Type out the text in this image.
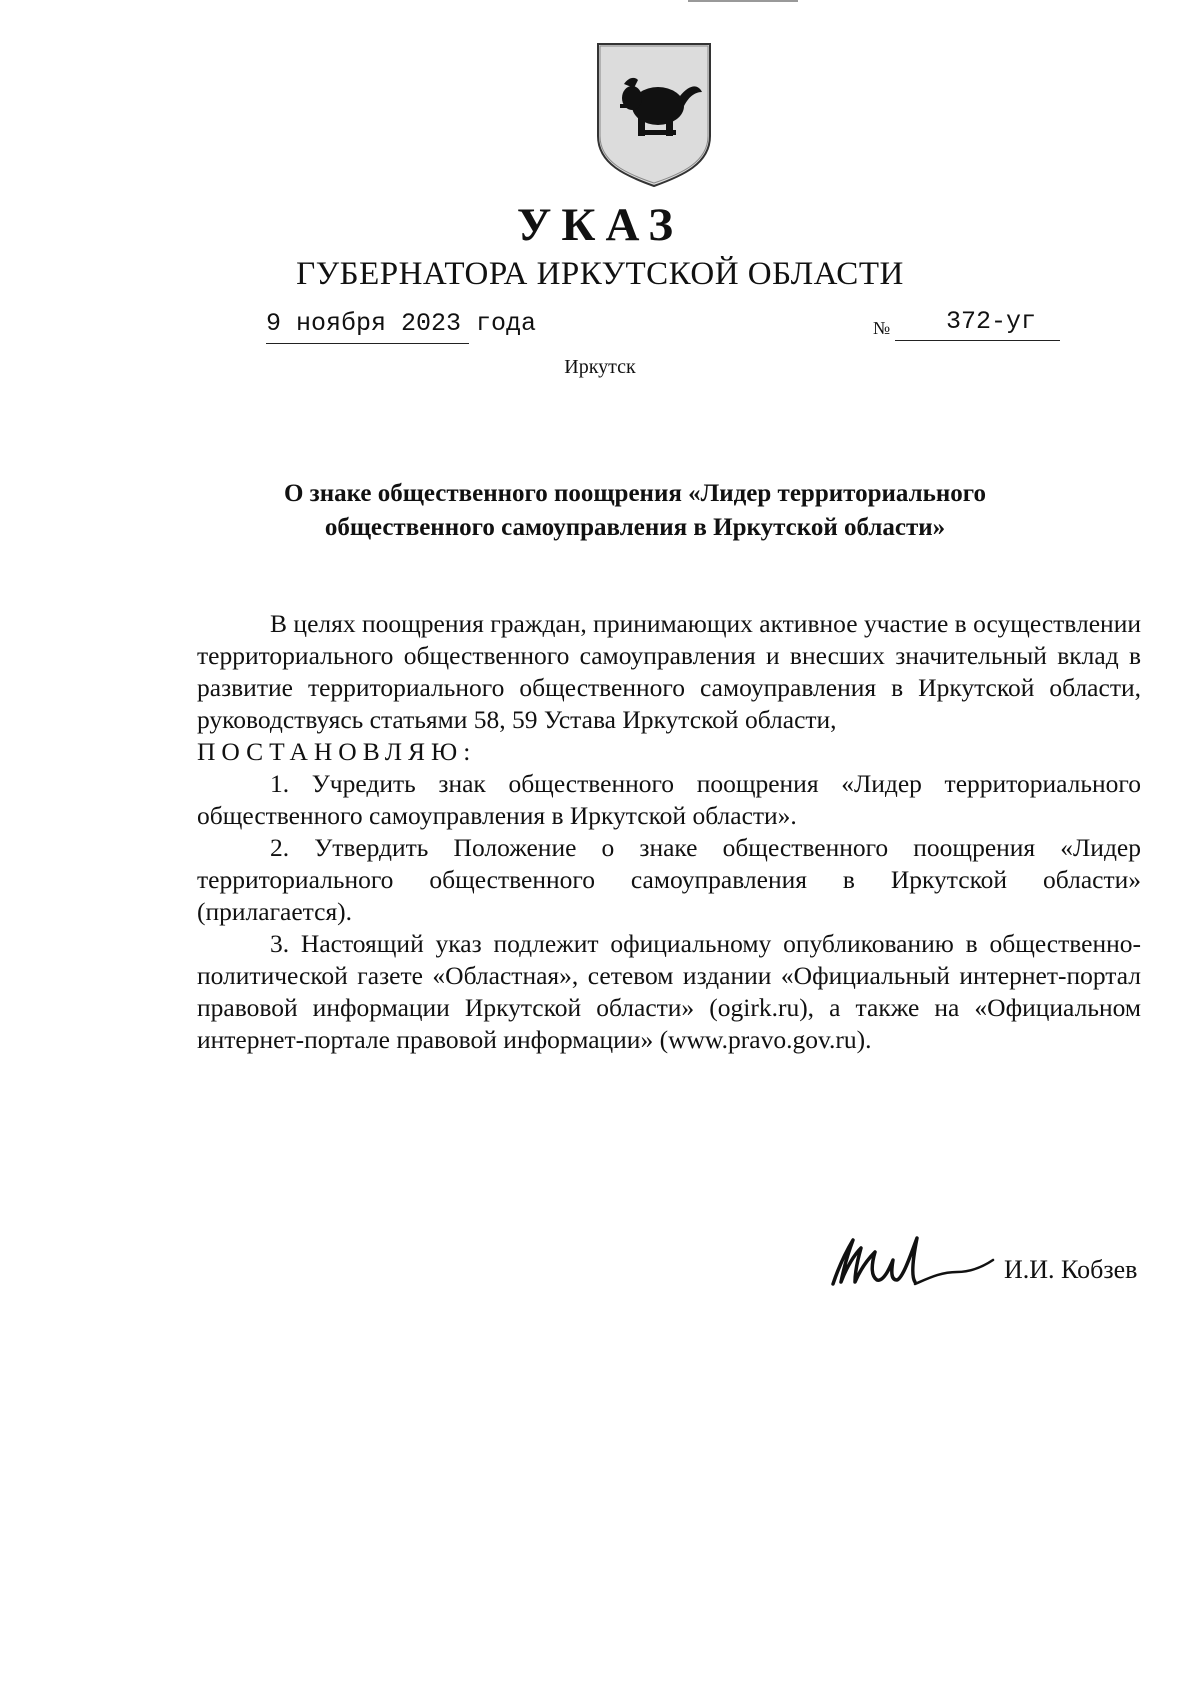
УКАЗ
ГУБЕРНАТОРА ИРКУТСКОЙ ОБЛАСТИ
9 ноября 2023 года	№ 372-уг
Иркутск
О знаке общественного поощрения «Лидер территориального
общественного самоуправления в Иркутской области»

В целях поощрения граждан, принимающих активное участие в осуществлении территориального общественного самоуправления и внесших значительный вклад в развитие территориального общественного самоуправления в Иркутской области, руководствуясь статьями 58, 59 Устава Иркутской области,

ПОСТАНОВЛЯЮ:

1. Учредить знак общественного поощрения «Лидер территориального общественного самоуправления в Иркутской области».

2. Утвердить Положение о знаке общественного поощрения «Лидер территориального общественного самоуправления в Иркутской области» (прилагается).

3. Настоящий указ подлежит официальному опубликованию в общественно-политической газете «Областная», сетевом издании «Официальный интернет-портал правовой информации Иркутской области» (ogirk.ru), а также на «Официальном интернет-портале правовой информации» (www.pravo.gov.ru).

И.И. Кобзев
